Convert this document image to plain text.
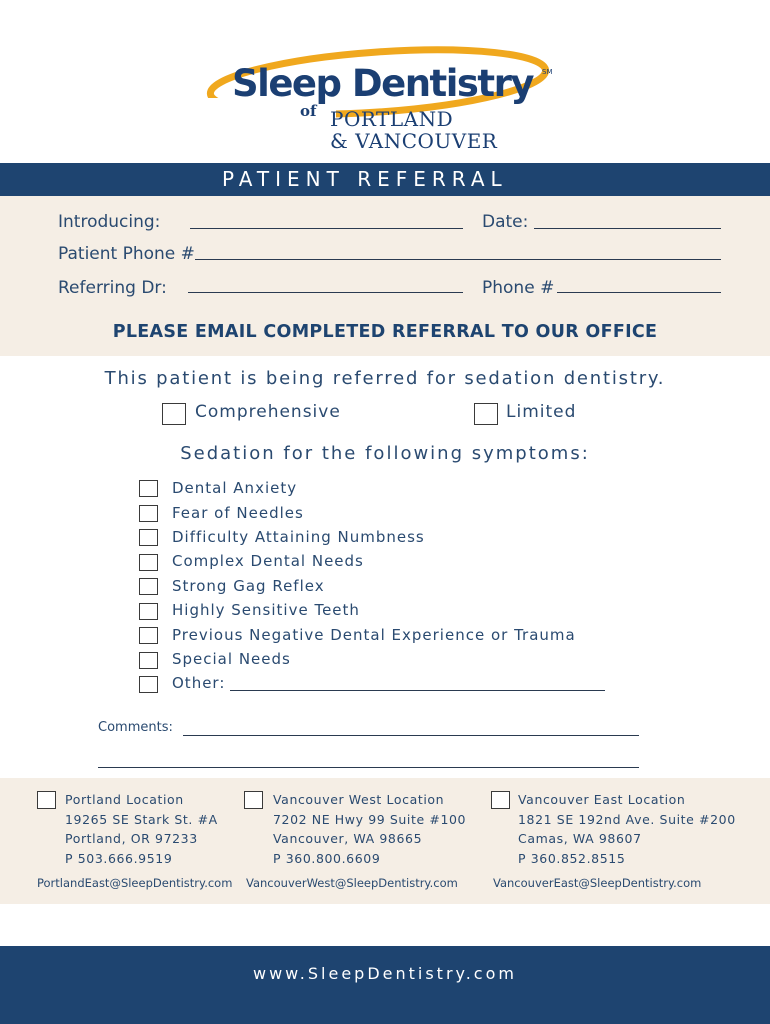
Sleep Dentistry SM
of PORTLAND
& VANCOUVER
PATIENT REFERRAL
Introducing:	Date:
Patient Phone #
Referring Dr:	Phone #
PLEASE EMAIL COMPLETED REFERRAL TO OUR OFFICE
This patient is being referred for sedation dentistry.
Comprehensive	Limited
Sedation for the following symptoms:
Dental Anxiety
Fear of Needles
Difficulty Attaining Numbness
Complex Dental Needs
Strong Gag Reflex
Highly Sensitive Teeth
Previous Negative Dental Experience or Trauma
Special Needs
Other:
Comments:
Portland Location
19265 SE Stark St. #A
Portland, OR 97233
P 503.666.9519
PortlandEast@SleepDentistry.com
Vancouver West Location
7202 NE Hwy 99 Suite #100
Vancouver, WA 98665
P 360.800.6609
VancouverWest@SleepDentistry.com
Vancouver East Location
1821 SE 192nd Ave. Suite #200
Camas, WA 98607
P 360.852.8515
VancouverEast@SleepDentistry.com
www.SleepDentistry.com
